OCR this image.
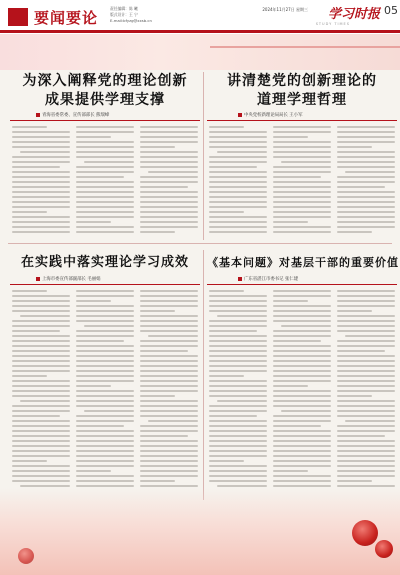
要闻要论
责任编辑：陈 曦
版式设计：王 宁
E-mail:bfyzg@xxsb.cn
2024年11月27日 星期三 学习时报 05
STUDY TIMES
为深入阐释党的理论创新
成果提供学理支撑
青海省委常委、宣传部部长 熊瑞峰
讲清楚党的创新理论的
道理学理哲理
中央党校新理论局局长 王小军
在实践中落实理论学习成效
上海市委宣传部副部长 毛丽娟
《基本问题》对基层干部的重要价值
广东省湛江市委书记 张仁建
